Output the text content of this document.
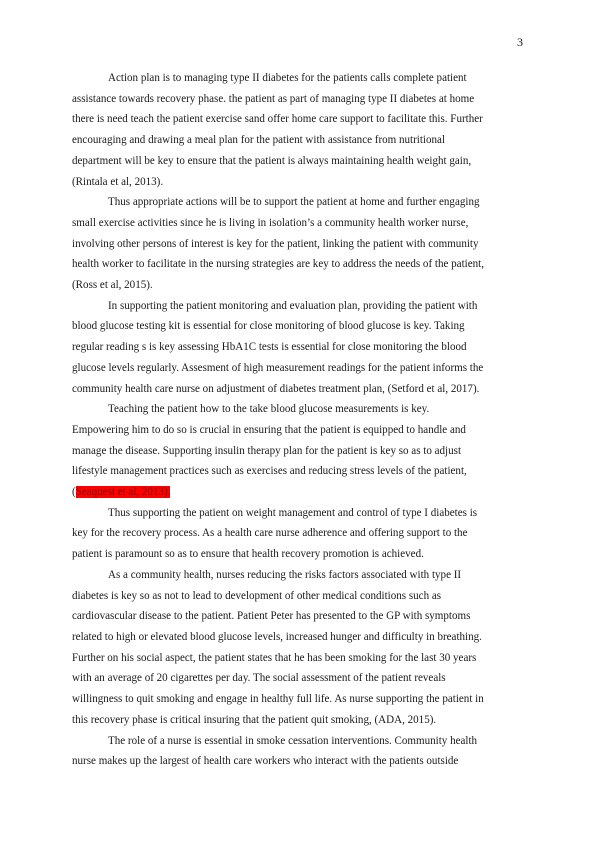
3

Action plan is to managing type II diabetes for the patients calls complete patient
assistance towards recovery phase. the patient as part of managing type II diabetes at home
there is need teach the patient exercise sand offer home care support to facilitate this. Further
encouraging and drawing a meal plan for the patient with assistance from nutritional
department will be key to ensure that the patient is always maintaining health weight gain,
(Rintala et al, 2013).

Thus appropriate actions will be to support the patient at home and further engaging
small exercise activities since he is living in isolation’s a community health worker nurse,
involving other persons of interest is key for the patient, linking the patient with community
health worker to facilitate in the nursing strategies are key to address the needs of the patient,
(Ross et al, 2015).

In supporting the patient monitoring and evaluation plan, providing the patient with
blood glucose testing kit is essential for close monitoring of blood glucose is key. Taking
regular reading s is key assessing HbA1C tests is essential for close monitoring the blood
glucose levels regularly. Assesment of high measurement readings for the patient informs the
community health care nurse on adjustment of diabetes treatment plan, (Setford et al, 2017).

Teaching the patient how to the take blood glucose measurements is key.
Empowering him to do so is crucial in ensuring that the patient is equipped to handle and
manage the disease. Supporting insulin therapy plan for the patient is key so as to adjust
lifestyle management practices such as exercises and reducing stress levels of the patient,
(Seaquest et al, 2013).

Thus supporting the patient on weight management and control of type I diabetes is
key for the recovery process. As a health care nurse adherence and offering support to the
patient is paramount so as to ensure that health recovery promotion is achieved.

As a community health, nurses reducing the risks factors associated with type II
diabetes is key so as not to lead to development of other medical conditions such as
cardiovascular disease to the patient. Patient Peter has presented to the GP with symptoms
related to high or elevated blood glucose levels, increased hunger and difficulty in breathing.
Further on his social aspect, the patient states that he has been smoking for the last 30 years
with an average of 20 cigarettes per day. The social assessment of the patient reveals
willingness to quit smoking and engage in healthy full life. As nurse supporting the patient in
this recovery phase is critical insuring that the patient quit smoking, (ADA, 2015).

The role of a nurse is essential in smoke cessation interventions. Community health
nurse makes up the largest of health care workers who interact with the patients outside
